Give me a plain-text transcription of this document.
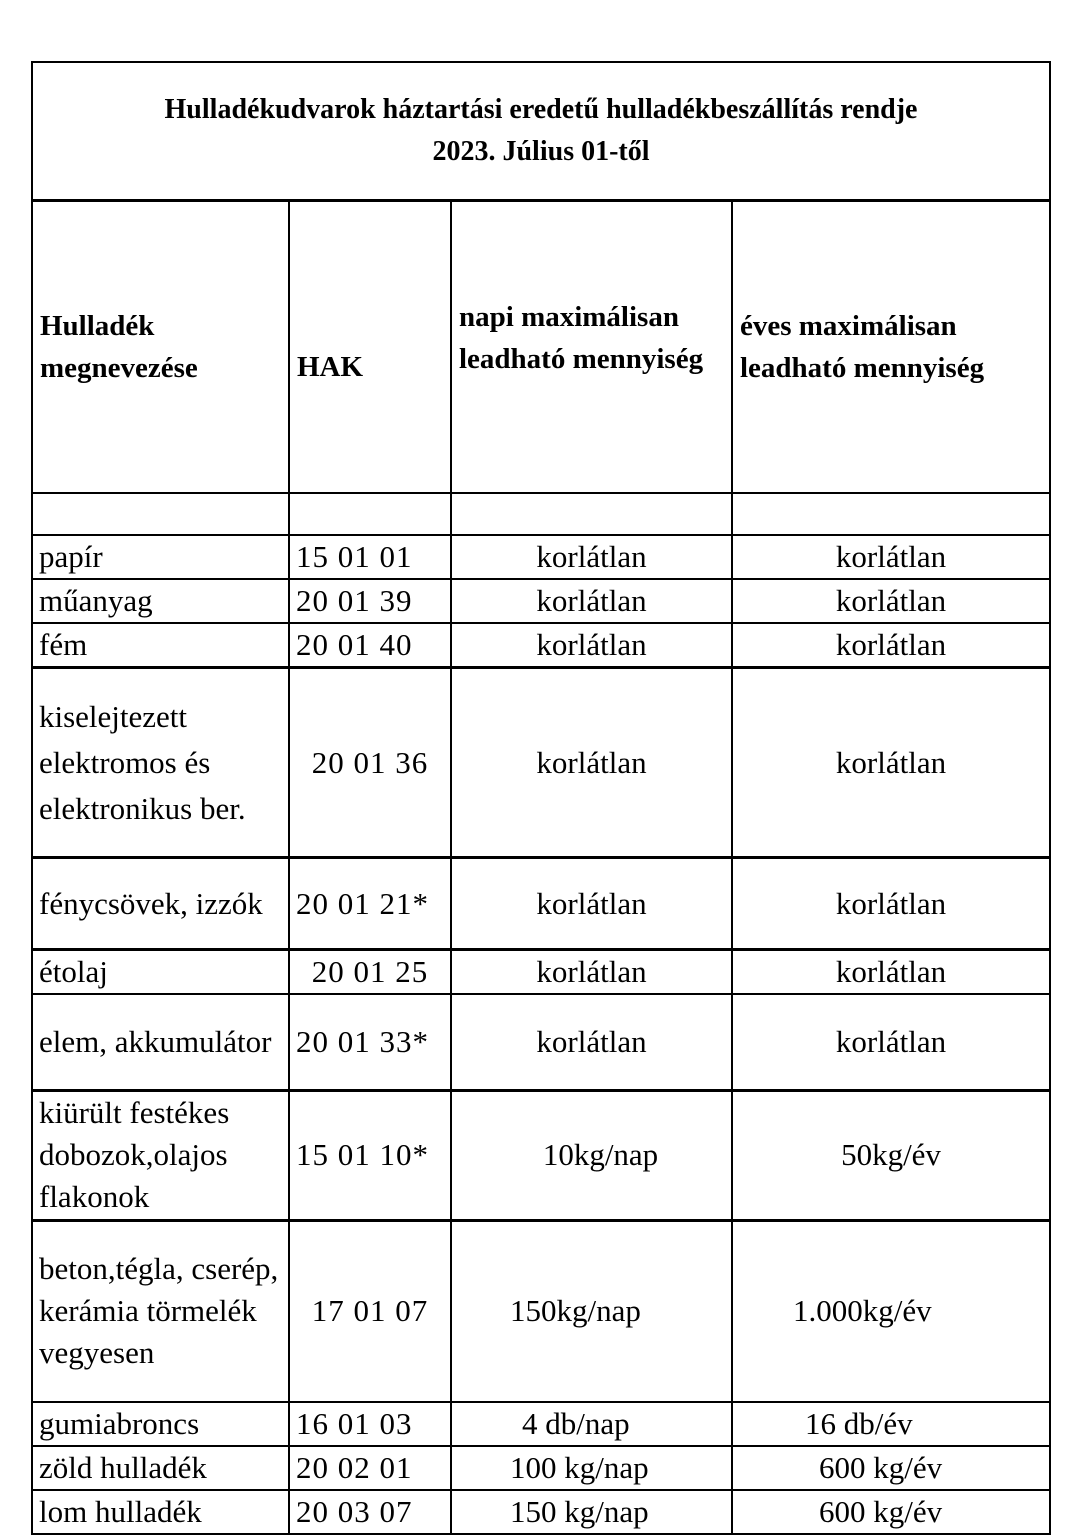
Hulladékudvarok háztartási eredetű hulladékbeszállítás rendje
2023. Július 01-től			

Hulladék megnevezése	HAK	napi maximálisan leadható mennyiség	éves maximálisan leadható mennyiség

papír	15 01 01	korlátlan	korlátlan
műanyag	20 01 39	korlátlan	korlátlan
fém	20 01 40	korlátlan	korlátlan
kiselejtezett elektromos és elektronikus ber.	20 01 36	korlátlan	korlátlan
fénycsövek, izzók	20 01 21*	korlátlan	korlátlan
étolaj	20 01 25	korlátlan	korlátlan
elem, akkumulátor	20 01 33*	korlátlan	korlátlan
kiürült festékes dobozok,olajos flakonok	15 01 10*	10kg/nap	50kg/év
beton,tégla, cserép, kerámia törmelék vegyesen	17 01 07	150kg/nap	1.000kg/év
gumiabroncs	16 01 03	4 db/nap	16 db/év
zöld hulladék	20 02 01	100 kg/nap	600 kg/év
lom hulladék	20 03 07	150 kg/nap	600 kg/év
